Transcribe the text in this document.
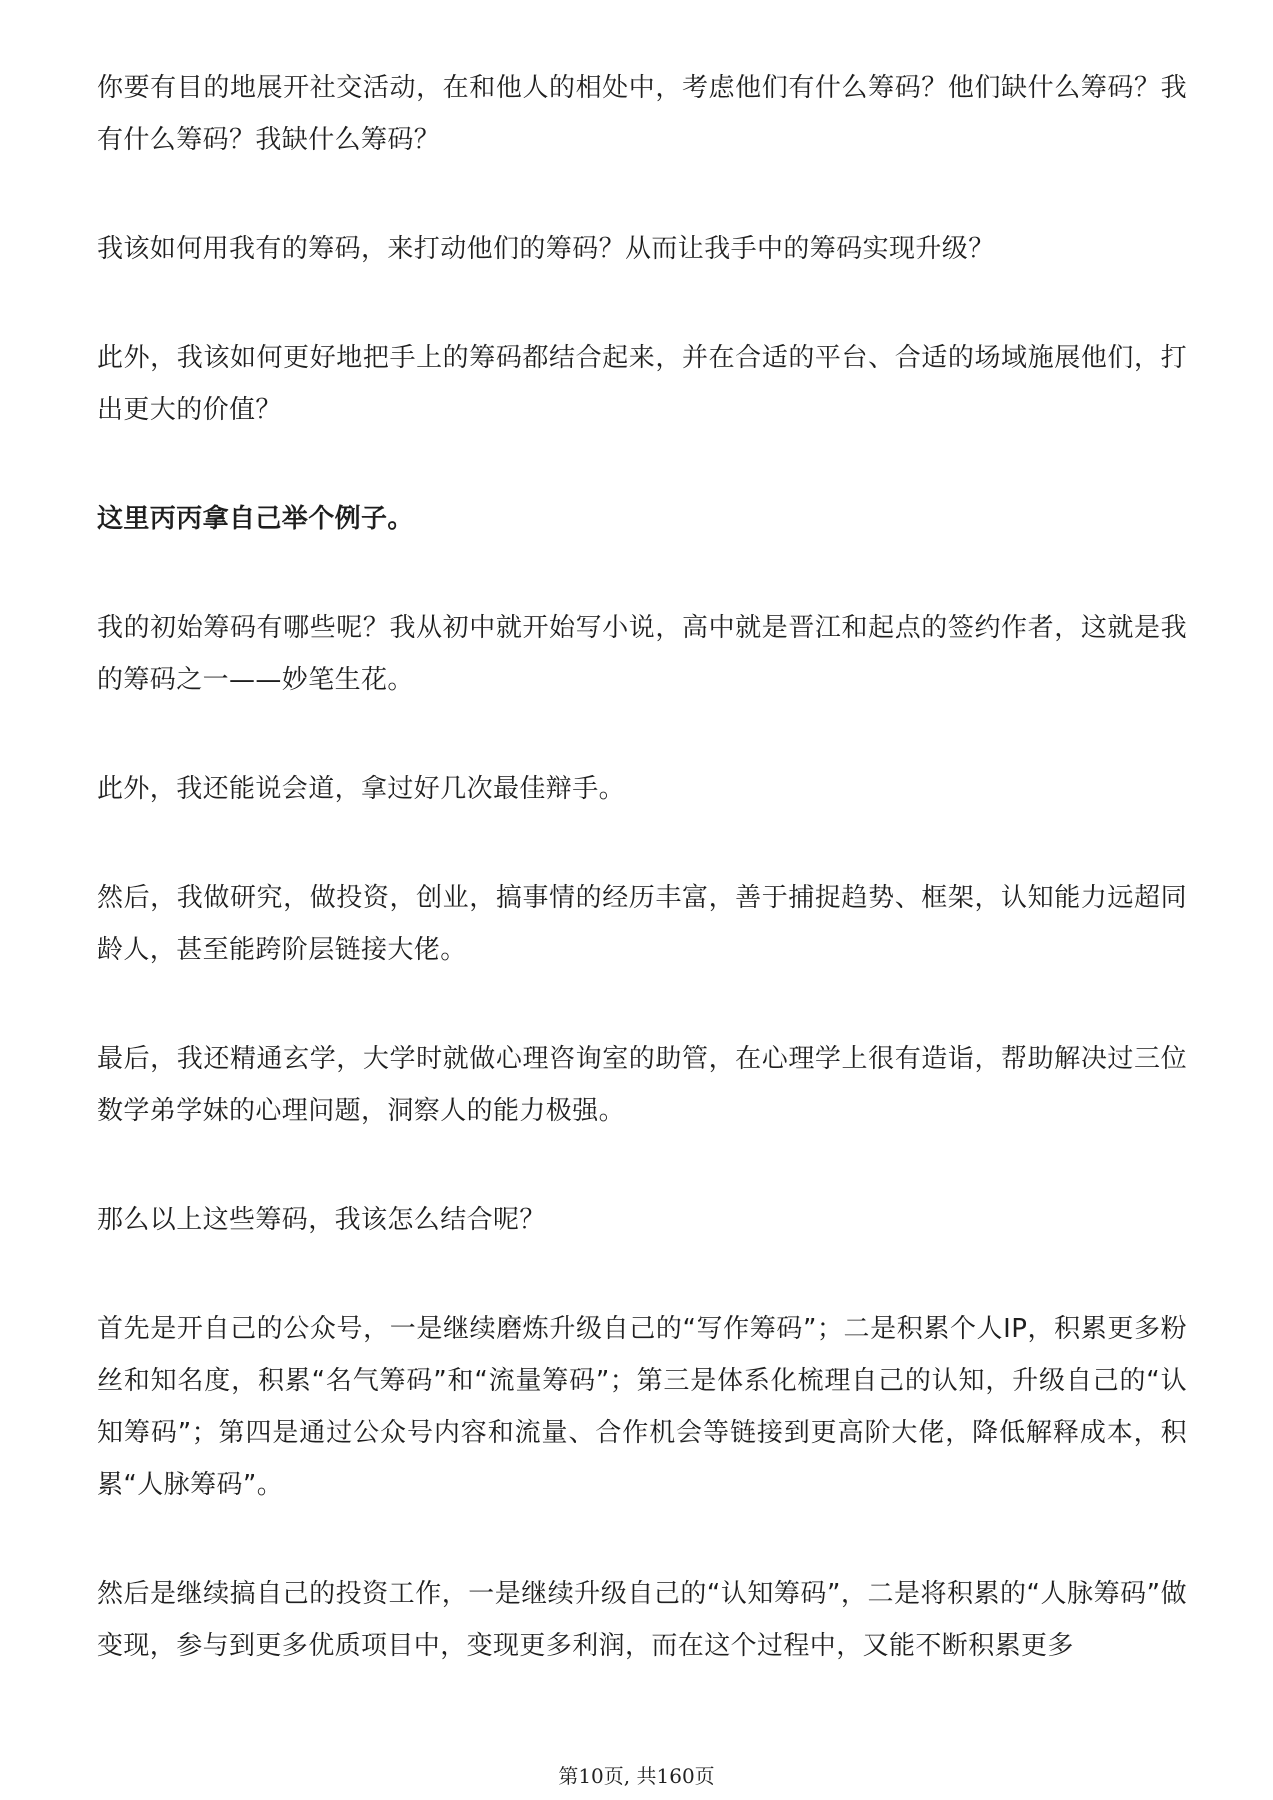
你要有目的地展开社交活动，在和他人的相处中，考虑他们有什么筹码？他们缺什么筹码？我有什么筹码？我缺什么筹码？

我该如何用我有的筹码，来打动他们的筹码？从而让我手中的筹码实现升级？

此外，我该如何更好地把手上的筹码都结合起来，并在合适的平台、合适的场域施展他们，打出更大的价值？

这里丙丙拿自己举个例子。

我的初始筹码有哪些呢？我从初中就开始写小说，高中就是晋江和起点的签约作者，这就是我的筹码之一——妙笔生花。

此外，我还能说会道，拿过好几次最佳辩手。

然后，我做研究，做投资，创业，搞事情的经历丰富，善于捕捉趋势、框架，认知能力远超同龄人，甚至能跨阶层链接大佬。

最后，我还精通玄学，大学时就做心理咨询室的助管，在心理学上很有造诣，帮助解决过三位数学弟学妹的心理问题，洞察人的能力极强。

那么以上这些筹码，我该怎么结合呢？

首先是开自己的公众号，一是继续磨炼升级自己的“写作筹码”；二是积累个人IP，积累更多粉丝和知名度，积累“名气筹码”和“流量筹码”；第三是体系化梳理自己的认知，升级自己的“认知筹码”；第四是通过公众号内容和流量、合作机会等链接到更高阶大佬，降低解释成本，积累“人脉筹码”。

然后是继续搞自己的投资工作，一是继续升级自己的“认知筹码”，二是将积累的“人脉筹码”做变现，参与到更多优质项目中，变现更多利润，而在这个过程中，又能不断积累更多

第10页, 共160页
